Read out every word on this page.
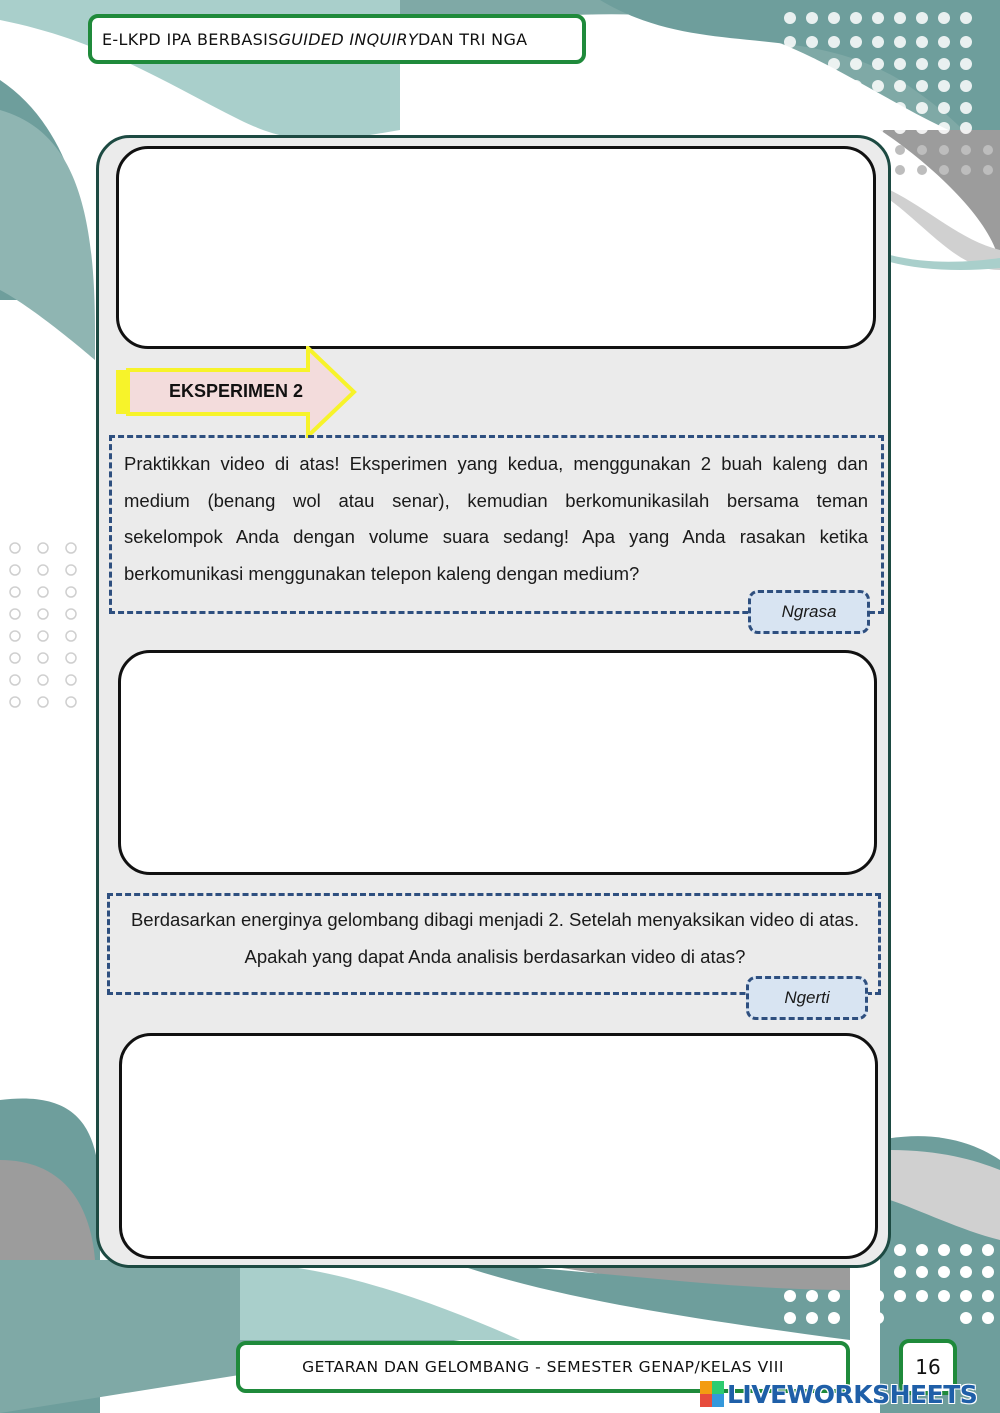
E-LKPD IPA BERBASIS GUIDED INQUIRY DAN TRI NGA
EKSPERIMEN 2
Praktikkan video di atas! Eksperimen yang kedua, menggunakan 2 buah kaleng dan medium (benang wol atau senar), kemudian berkomunikasilah bersama teman sekelompok Anda dengan volume suara sedang! Apa yang Anda rasakan ketika berkomunikasi menggunakan telepon kaleng dengan medium?
Ngrasa
Berdasarkan energinya gelombang dibagi menjadi 2. Setelah menyaksikan video di atas. Apakah yang dapat Anda analisis berdasarkan video di atas?
Ngerti
GETARAN DAN GELOMBANG - SEMESTER GENAP/KELAS VIII	16
LIVEWORKSHEETS
